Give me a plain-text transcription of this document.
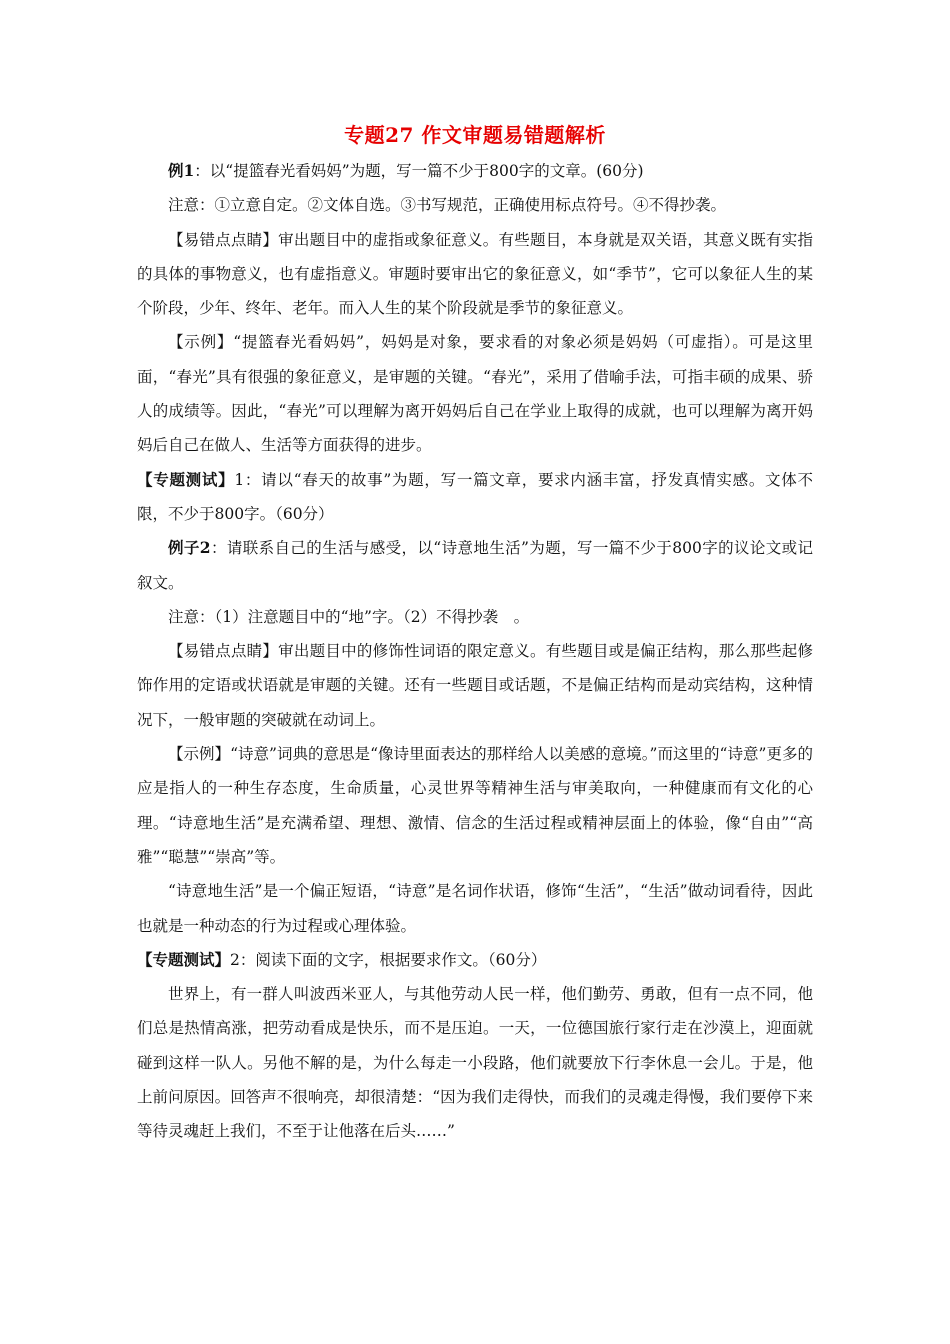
专题27 作文审题易错题解析

例1：以“提篮春光看妈妈”为题，写一篇不少于800字的文章。(60分)

注意：①立意自定。②文体自选。③书写规范，正确使用标点符号。④不得抄袭。

【易错点点睛】审出题目中的虚指或象征意义。有些题目，本身就是双关语，其意义既有实指的具体的事物意义，也有虚指意义。审题时要审出它的象征意义，如“季节”，它可以象征人生的某个阶段，少年、终年、老年。而入人生的某个阶段就是季节的象征意义。

【示例】“提篮春光看妈妈”，妈妈是对象，要求看的对象必须是妈妈（可虚指）。可是这里面，“春光”具有很强的象征意义，是审题的关键。“春光”，采用了借喻手法，可指丰硕的成果、骄人的成绩等。因此，“春光”可以理解为离开妈妈后自己在学业上取得的成就，也可以理解为离开妈妈后自己在做人、生活等方面获得的进步。

【专题测试】1：请以“春天的故事”为题，写一篇文章，要求内涵丰富，抒发真情实感。文体不限，不少于800字。（60分）

例子2：请联系自己的生活与感受，以“诗意地生活”为题，写一篇不少于800字的议论文或记叙文。

注意：（1）注意题目中的“地”字。（2）不得抄袭　。

【易错点点睛】审出题目中的修饰性词语的限定意义。有些题目或是偏正结构，那么那些起修饰作用的定语或状语就是审题的关键。还有一些题目或话题，不是偏正结构而是动宾结构，这种情况下，一般审题的突破就在动词上。

【示例】“诗意”词典的意思是“像诗里面表达的那样给人以美感的意境。”而这里的“诗意”更多的应是指人的一种生存态度，生命质量，心灵世界等精神生活与审美取向，一种健康而有文化的心理。“诗意地生活”是充满希望、理想、激情、信念的生活过程或精神层面上的体验，像“自由”“高雅”“聪慧”“崇高”等。

“诗意地生活”是一个偏正短语，“诗意”是名词作状语，修饰“生活”，“生活”做动词看待，因此也就是一种动态的行为过程或心理体验。

【专题测试】2：阅读下面的文字，根据要求作文。（60分）

世界上，有一群人叫波西米亚人，与其他劳动人民一样，他们勤劳、勇敢，但有一点不同，他们总是热情高涨，把劳动看成是快乐，而不是压迫。一天，一位德国旅行家行走在沙漠上，迎面就碰到这样一队人。另他不解的是，为什么每走一小段路，他们就要放下行李休息一会儿。于是，他上前问原因。回答声不很响亮，却很清楚：“因为我们走得快，而我们的灵魂走得慢，我们要停下来等待灵魂赶上我们，不至于让他落在后头……”
